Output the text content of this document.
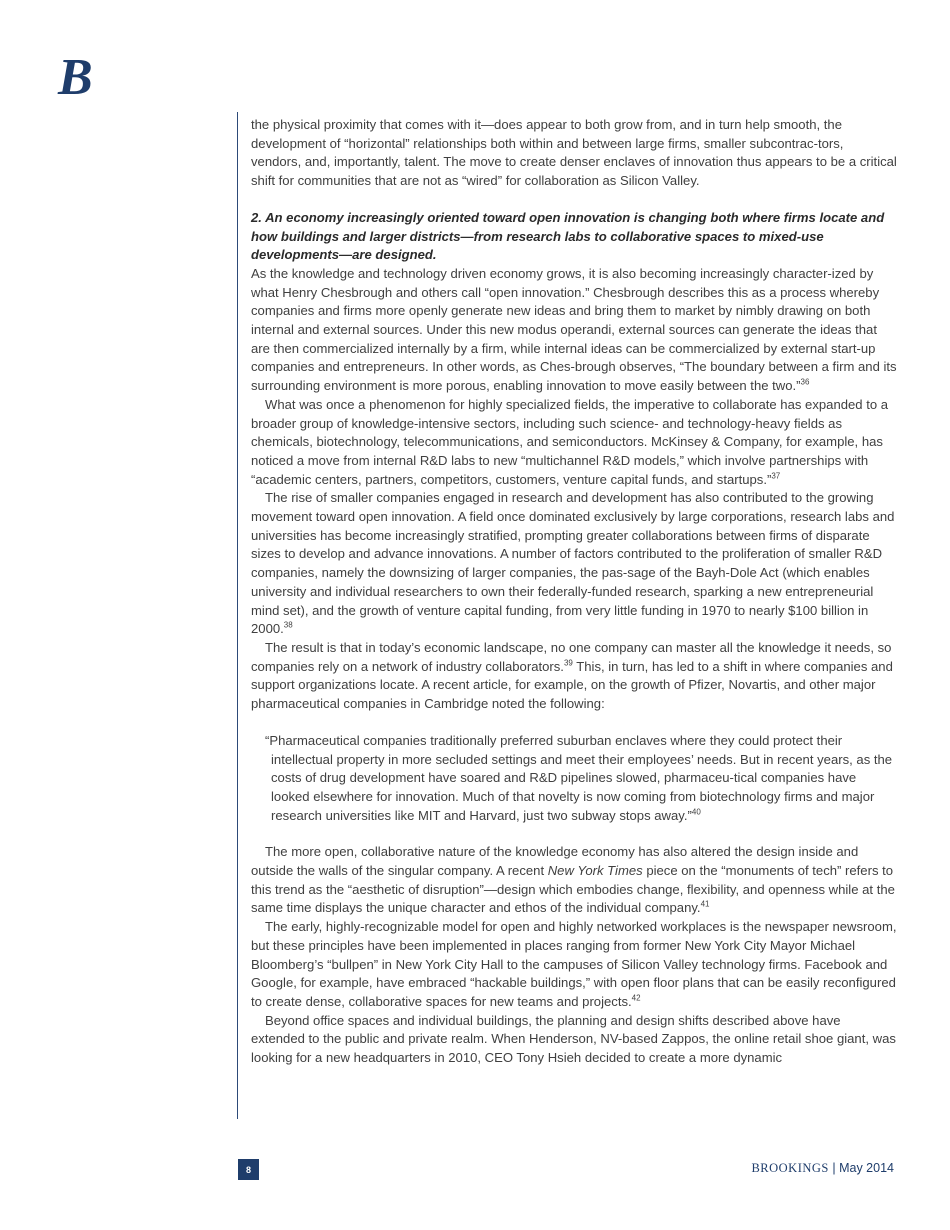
B

the physical proximity that comes with it—does appear to both grow from, and in turn help smooth, the development of “horizontal” relationships both within and between large firms, smaller subcontrac-tors, vendors, and, importantly, talent. The move to create denser enclaves of innovation thus appears to be a critical shift for communities that are not as “wired” for collaboration as Silicon Valley.

2. An economy increasingly oriented toward open innovation is changing both where firms locate and how buildings and larger districts—from research labs to collaborative spaces to mixed-use developments—are designed.

As the knowledge and technology driven economy grows, it is also becoming increasingly character-ized by what Henry Chesbrough and others call “open innovation.” Chesbrough describes this as a process whereby companies and firms more openly generate new ideas and bring them to market by nimbly drawing on both internal and external sources. Under this new modus operandi, external sources can generate the ideas that are then commercialized internally by a firm, while internal ideas can be commercialized by external start-up companies and entrepreneurs. In other words, as Ches-brough observes, “The boundary between a firm and its surrounding environment is more porous, enabling innovation to move easily between the two.”$^{36}$

What was once a phenomenon for highly specialized fields, the imperative to collaborate has expanded to a broader group of knowledge-intensive sectors, including such science- and technology-heavy fields as chemicals, biotechnology, telecommunications, and semiconductors. McKinsey & Company, for example, has noticed a move from internal R&D labs to new “multichannel R&D models,” which involve partnerships with “academic centers, partners, competitors, customers, venture capital funds, and startups.”$^{37}$

The rise of smaller companies engaged in research and development has also contributed to the growing movement toward open innovation. A field once dominated exclusively by large corporations, research labs and universities has become increasingly stratified, prompting greater collaborations between firms of disparate sizes to develop and advance innovations. A number of factors contributed to the proliferation of smaller R&D companies, namely the downsizing of larger companies, the pas-sage of the Bayh-Dole Act (which enables university and individual researchers to own their federally-funded research, sparking a new entrepreneurial mind set), and the growth of venture capital funding, from very little funding in 1970 to nearly $100 billion in 2000.38

The result is that in today’s economic landscape, no one company can master all the knowledge it needs, so companies rely on a network of industry collaborators.$^{39}$ This, in turn, has led to a shift in where companies and support organizations locate. A recent article, for example, on the growth of Pfizer, Novartis, and other major pharmaceutical companies in Cambridge noted the following:

“Pharmaceutical companies traditionally preferred suburban enclaves where they could protect their intellectual property in more secluded settings and meet their employees’ needs. But in recent years, as the costs of drug development have soared and R&D pipelines slowed, pharmaceu-tical companies have looked elsewhere for innovation. Much of that novelty is now coming from biotechnology firms and major research universities like MIT and Harvard, just two subway stops away.”$^{40}$

The more open, collaborative nature of the knowledge economy has also altered the design inside and outside the walls of the singular company. A recent New York Times piece on the “monuments of tech” refers to this trend as the “aesthetic of disruption”—design which embodies change, flexibility, and openness while at the same time displays the unique character and ethos of the individual company.$^{41}$

The early, highly-recognizable model for open and highly networked workplaces is the newspaper newsroom, but these principles have been implemented in places ranging from former New York City Mayor Michael Bloomberg’s “bullpen” in New York City Hall to the campuses of Silicon Valley technology firms. Facebook and Google, for example, have embraced “hackable buildings,” with open floor plans that can be easily reconfigured to create dense, collaborative spaces for new teams and projects.$^{42}$

Beyond office spaces and individual buildings, the planning and design shifts described above have extended to the public and private realm. When Henderson, NV-based Zappos, the online retail shoe giant, was looking for a new headquarters in 2010, CEO Tony Hsieh decided to create a more dynamic

8	BROOKINGS | May 2014
